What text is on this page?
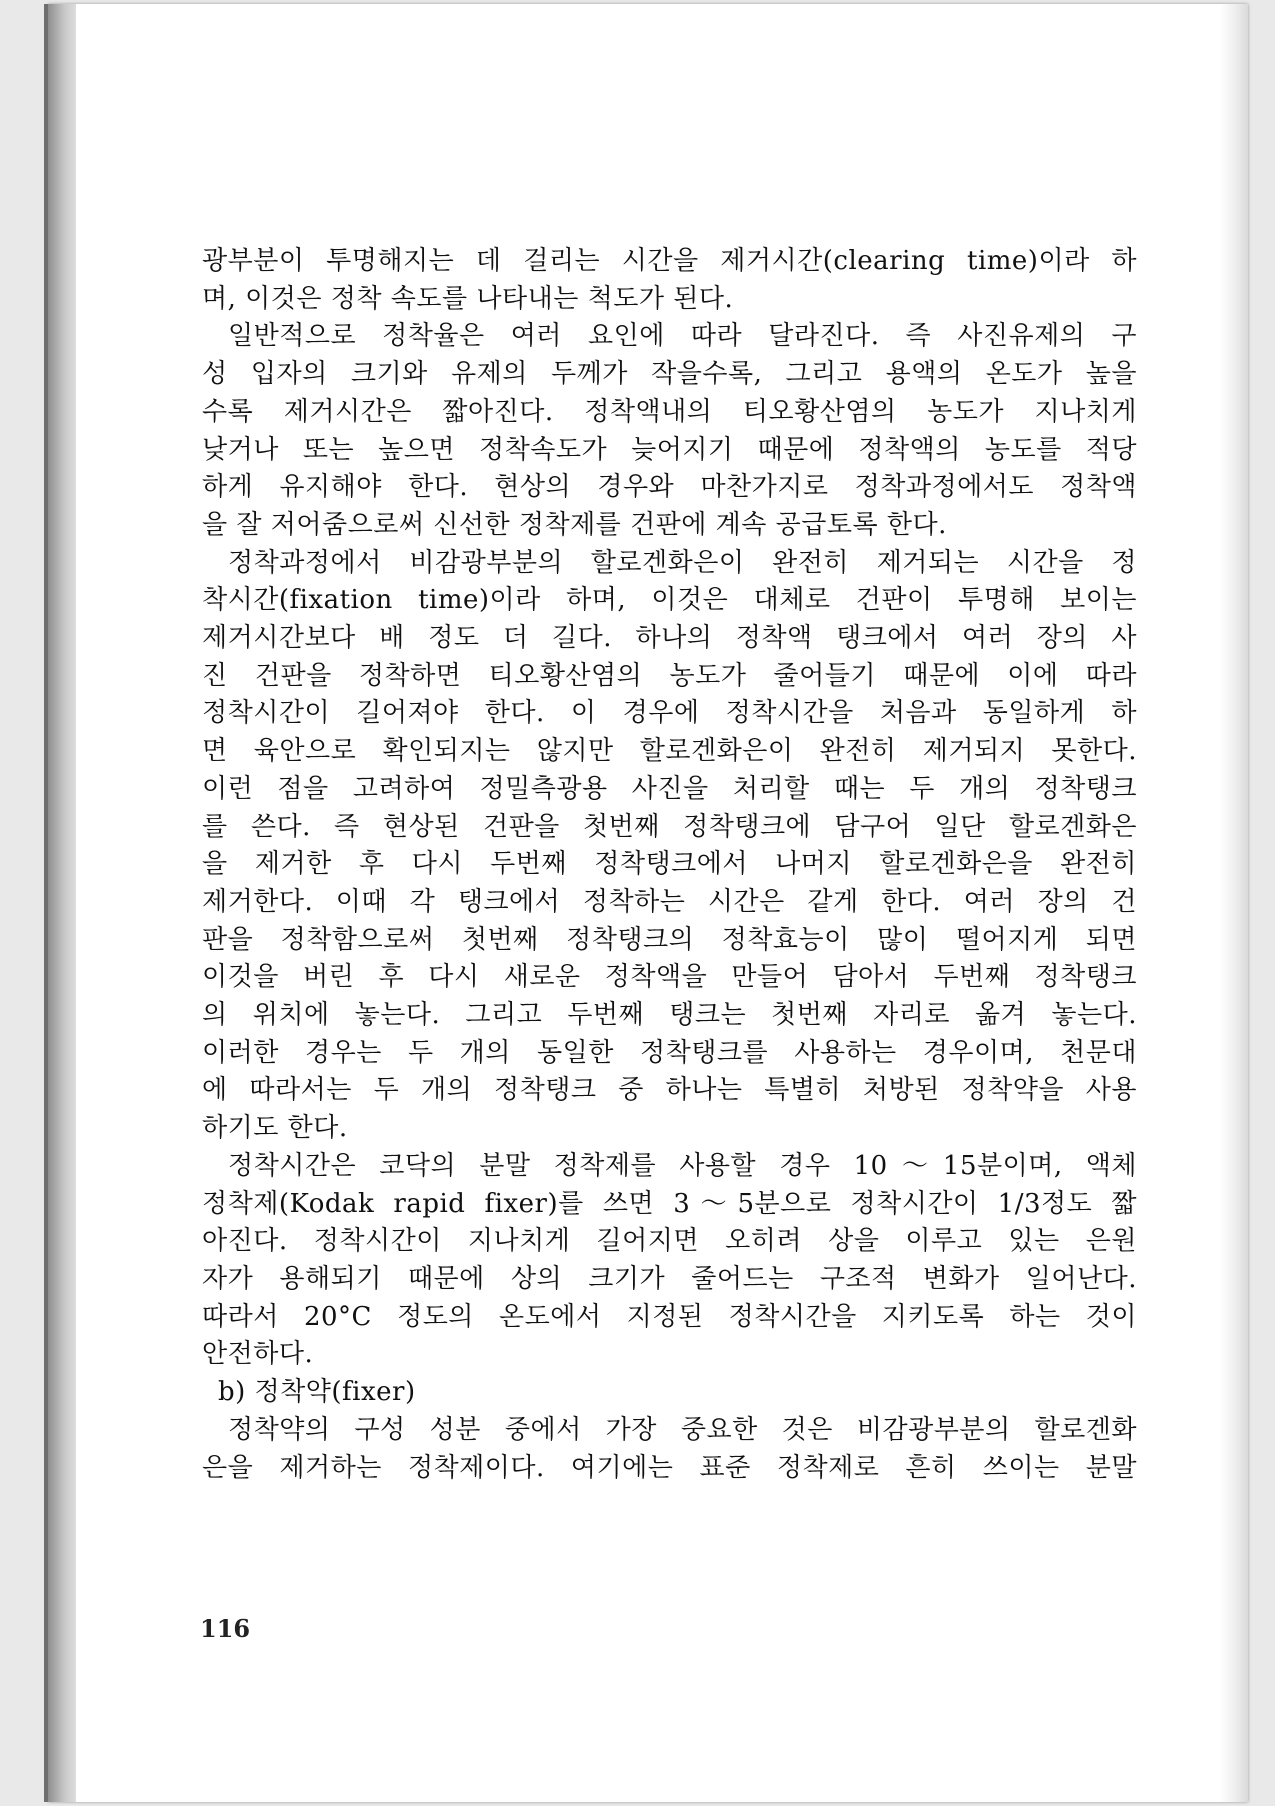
광부분이 투명해지는 데 걸리는 시간을 제거시간(clearing time)이라 하
며, 이것은 정착 속도를 나타내는 척도가 된다.
일반적으로 정착율은 여러 요인에 따라 달라진다. 즉 사진유제의 구
성 입자의 크기와 유제의 두께가 작을수록, 그리고 용액의 온도가 높을
수록 제거시간은 짧아진다. 정착액내의 티오황산염의 농도가 지나치게
낮거나 또는 높으면 정착속도가 늦어지기 때문에 정착액의 농도를 적당
하게 유지해야 한다. 현상의 경우와 마찬가지로 정착과정에서도 정착액
을 잘 저어줌으로써 신선한 정착제를 건판에 계속 공급토록 한다.
정착과정에서 비감광부분의 할로겐화은이 완전히 제거되는 시간을 정
착시간(fixation time)이라 하며, 이것은 대체로 건판이 투명해 보이는
제거시간보다 배 정도 더 길다. 하나의 정착액 탱크에서 여러 장의 사
진 건판을 정착하면 티오황산염의 농도가 줄어들기 때문에 이에 따라
정착시간이 길어져야 한다. 이 경우에 정착시간을 처음과 동일하게 하
면 육안으로 확인되지는 않지만 할로겐화은이 완전히 제거되지 못한다.
이런 점을 고려하여 정밀측광용 사진을 처리할 때는 두 개의 정착탱크
를 쓴다. 즉 현상된 건판을 첫번째 정착탱크에 담구어 일단 할로겐화은
을 제거한 후 다시 두번째 정착탱크에서 나머지 할로겐화은을 완전히
제거한다. 이때 각 탱크에서 정착하는 시간은 같게 한다. 여러 장의 건
판을 정착함으로써 첫번째 정착탱크의 정착효능이 많이 떨어지게 되면
이것을 버린 후 다시 새로운 정착액을 만들어 담아서 두번째 정착탱크
의 위치에 놓는다. 그리고 두번째 탱크는 첫번째 자리로 옮겨 놓는다.
이러한 경우는 두 개의 동일한 정착탱크를 사용하는 경우이며, 천문대
에 따라서는 두 개의 정착탱크 중 하나는 특별히 처방된 정착약을 사용
하기도 한다.
정착시간은 코닥의 분말 정착제를 사용할 경우 10～15분이며, 액체
정착제(Kodak rapid fixer)를 쓰면 3～5분으로 정착시간이 1/3정도 짧
아진다. 정착시간이 지나치게 길어지면 오히려 상을 이루고 있는 은원
자가 용해되기 때문에 상의 크기가 줄어드는 구조적 변화가 일어난다.
따라서 20°C 정도의 온도에서 지정된 정착시간을 지키도록 하는 것이
안전하다.
b) 정착약(fixer)
정착약의 구성 성분 중에서 가장 중요한 것은 비감광부분의 할로겐화
은을 제거하는 정착제이다. 여기에는 표준 정착제로 흔히 쓰이는 분말
116
